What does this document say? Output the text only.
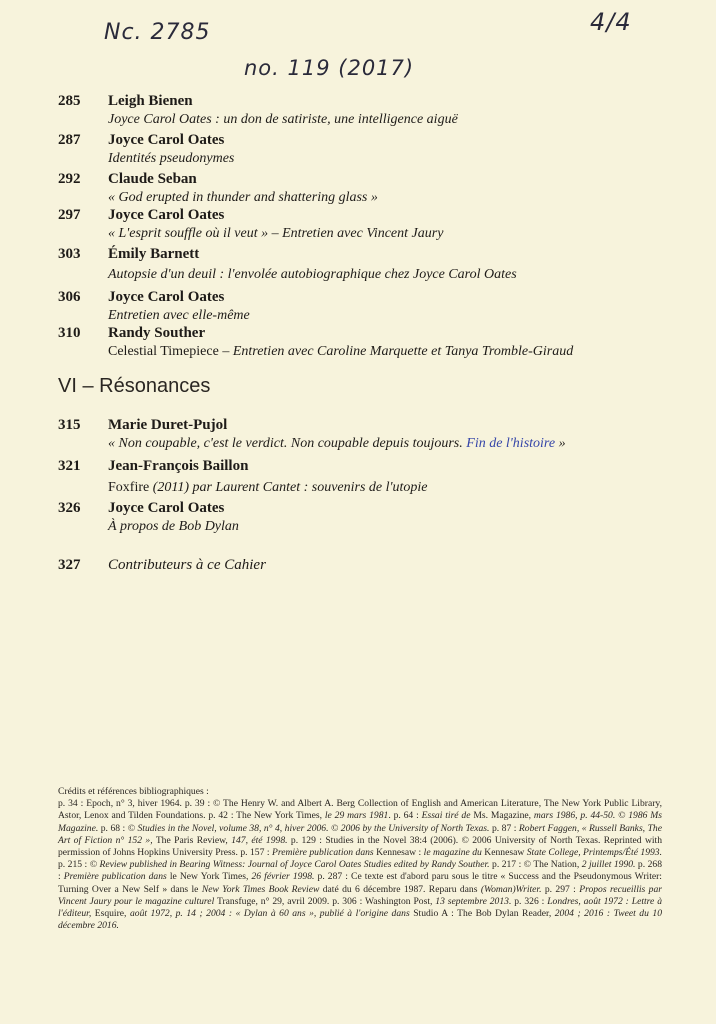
Nc. 2785
no. 119 (2017)
4/4
285	Leigh Bienen
Joyce Carol Oates : un don de satiriste, une intelligence aiguë
287	Joyce Carol Oates
Identités pseudonymes
292	Claude Seban
« God erupted in thunder and shattering glass »
297	Joyce Carol Oates
« L'esprit souffle où il veut » – Entretien avec Vincent Jaury
303	Émily Barnett
Autopsie d'un deuil : l'envolée autobiographique chez Joyce Carol Oates
306	Joyce Carol Oates
Entretien avec elle-même
310	Randy Souther
Celestial Timepiece – Entretien avec Caroline Marquette et Tanya Tromble-Giraud
VI – Résonances
315	Marie Duret-Pujol
« Non coupable, c'est le verdict. Non coupable depuis toujours. Fin de l'histoire »
321	Jean-François Baillon
Foxfire (2011) par Laurent Cantet : souvenirs de l'utopie
326	Joyce Carol Oates
À propos de Bob Dylan
327	Contributeurs à ce Cahier
Crédits et références bibliographiques :
p. 34 : Epoch, n° 3, hiver 1964. p. 39 : © The Henry W. and Albert A. Berg Collection of English and American Literature, The New York Public Library, Astor, Lenox and Tilden Foundations. p. 42 : The New York Times, le 29 mars 1981. p. 64 : Essai tiré de Ms. Magazine, mars 1986, p. 44-50. © 1986 Ms Magazine. p. 68 : © Studies in the Novel, volume 38, n° 4, hiver 2006. © 2006 by the University of North Texas. p. 87 : Robert Faggen, « Russell Banks, The Art of Fiction n° 152 », The Paris Review, 147, été 1998. p. 129 : Studies in the Novel 38:4 (2006). © 2006 University of North Texas. Reprinted with permission of Johns Hopkins University Press. p. 157 : Première publication dans Kennesaw : le magazine du Kennesaw State College, Printemps/Été 1993. p. 215 : © Review published in Bearing Witness: Journal of Joyce Carol Oates Studies edited by Randy Souther. p. 217 : © The Nation, 2 juillet 1990. p. 268 : Première publication dans le New York Times, 26 février 1998. p. 287 : Ce texte est d'abord paru sous le titre « Success and the Pseudonymous Writer: Turning Over a New Self » dans le New York Times Book Review daté du 6 décembre 1987. Reparu dans (Woman)Writer. p. 297 : Propos recueillis par Vincent Jaury pour le magazine culturel Transfuge, n° 29, avril 2009. p. 306 : Washington Post, 13 septembre 2013. p. 326 : Londres, août 1972 : Lettre à l'éditeur, Esquire, août 1972, p. 14 ; 2004 : « Dylan à 60 ans », publié à l'origine dans Studio A : The Bob Dylan Reader, 2004 ; 2016 : Tweet du 10 décembre 2016.
